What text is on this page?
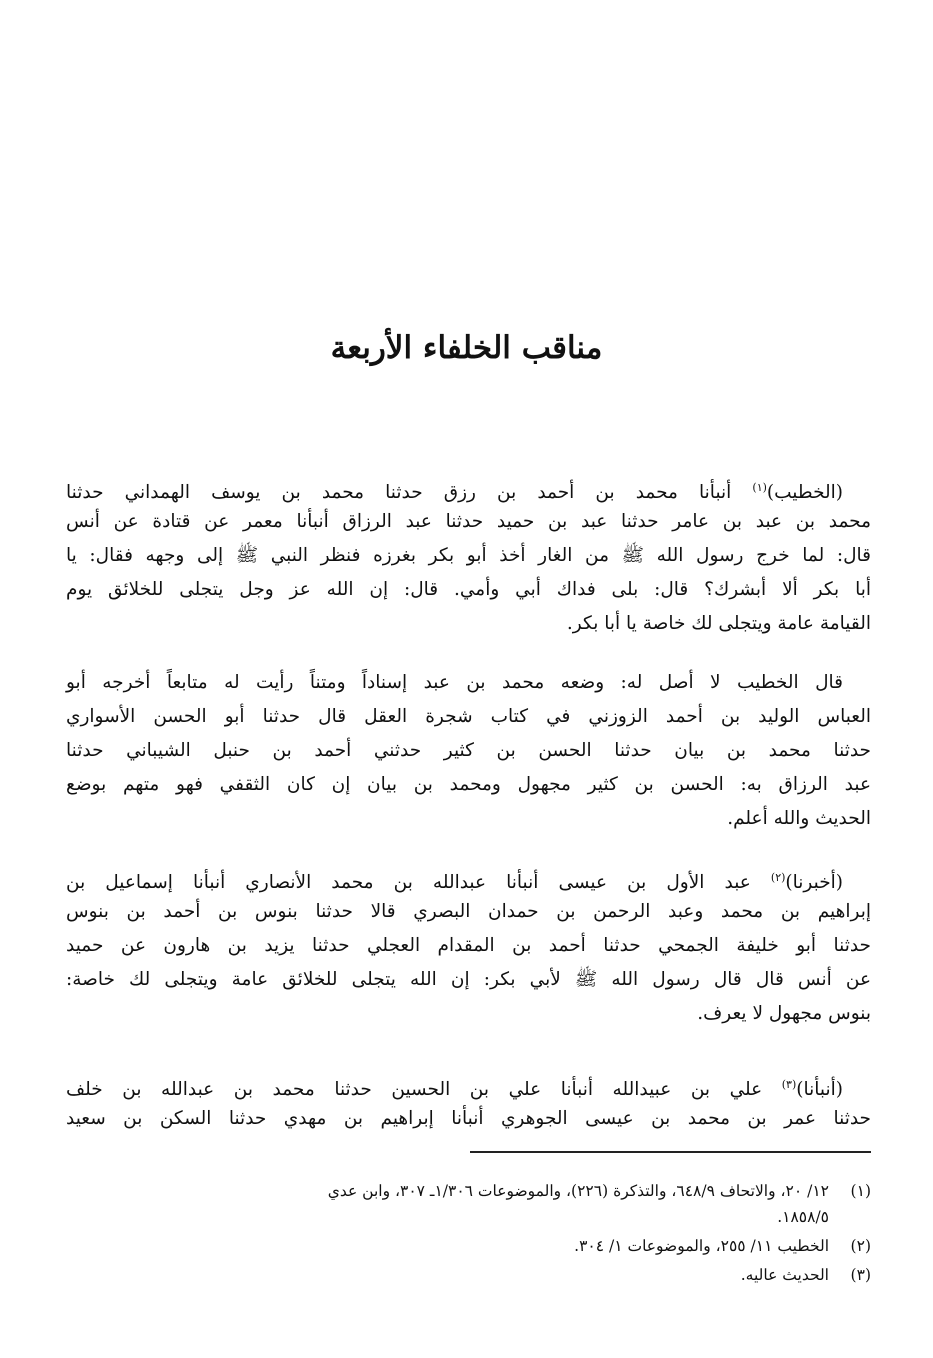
مناقب الخلفاء الأربعة
(الخطيب)$^{(١)}$ أنبأنا محمد بن أحمد بن رزق حدثنا محمد بن يوسف الهمداني حدثنا
محمد بن عبد بن عامر حدثنا عبد بن حميد حدثنا عبد الرزاق أنبأنا معمر عن قتادة عن أنس
قال: لما خرج رسول الله ﷺ من الغار أخذ أبو بكر بغرزه فنظر النبي ﷺ إلى وجهه فقال: يا
أبا بكر ألا أبشرك؟ قال: بلى فداك أبي وأمي. قال: إن الله عز وجل يتجلى للخلائق يوم
القيامة عامة ويتجلى لك خاصة يا أبا بكر.
قال الخطيب لا أصل له: وضعه محمد بن عبد إسناداً ومتناً رأيت له متابعاً أخرجه أبو
العباس الوليد بن أحمد الزوزني في كتاب شجرة العقل قال حدثنا أبو الحسن الأسواري
حدثنا محمد بن بيان حدثنا الحسن بن كثير حدثني أحمد بن حنبل الشيباني حدثنا
عبد الرزاق به: الحسن بن كثير مجهول ومحمد بن بيان إن كان الثقفي فهو متهم بوضع
الحديث والله أعلم.
(أخبرنا)$^{(٢)}$ عبد الأول بن عيسى أنبأنا عبدالله بن محمد الأنصاري أنبأنا إسماعيل بن
إبراهيم بن محمد وعبد الرحمن بن حمدان البصري قالا حدثنا بنوس بن أحمد بن بنوس
حدثنا أبو خليفة الجمحي حدثنا أحمد بن المقدام العجلي حدثنا يزيد بن هارون عن حميد
عن أنس قال قال رسول الله ﷺ لأبي بكر: إن الله يتجلى للخلائق عامة ويتجلى لك خاصة:
بنوس مجهول لا يعرف.
(أنبأنا)$^{(٣)}$ علي بن عبيدالله أنبأنا علي بن الحسين حدثنا محمد بن عبدالله بن خلف
حدثنا عمر بن محمد بن عيسى الجوهري أنبأنا إبراهيم بن مهدي حدثنا السكن بن سعيد
(١)١٢/ ٢٠، والاتحاف ٦٤٨/٩، والتذكرة (٢٢٦)، والموضوعات ١/٣٠٦ـ ٣٠٧، وابن عدي
١٨٥٨/٥.
(٢)الخطيب ١١/ ٢٥٥، والموضوعات ١/ ٣٠٤.
(٣)الحديث عاليه.
